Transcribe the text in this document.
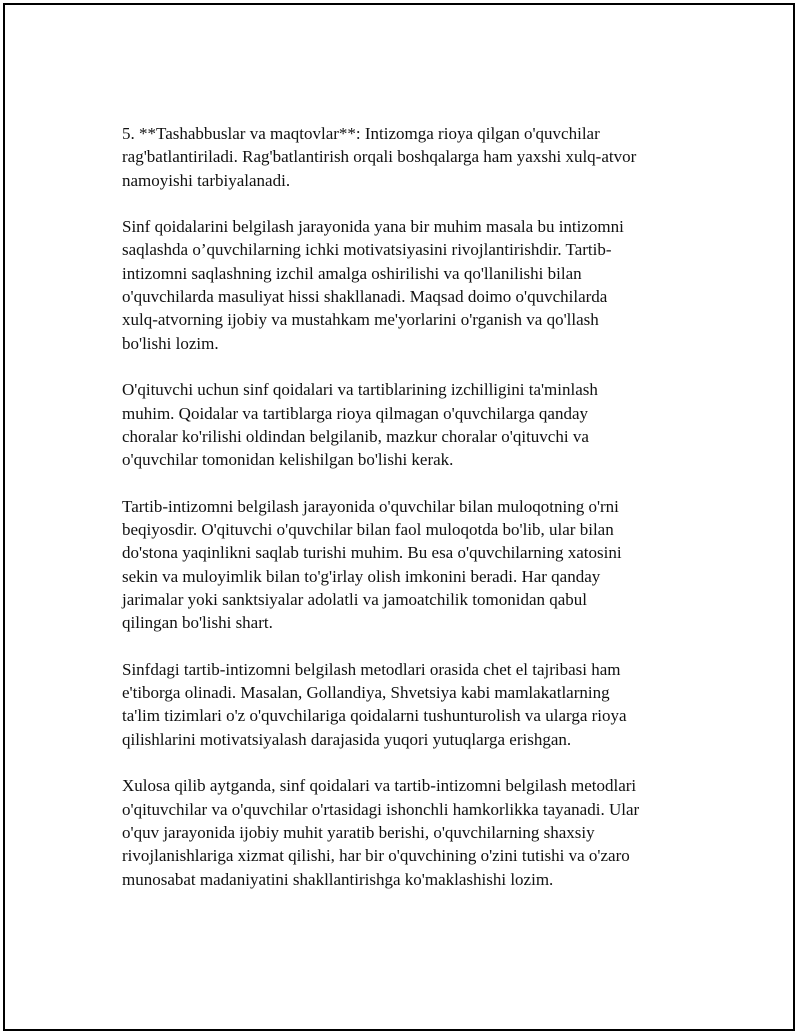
5. **Tashabbuslar va maqtovlar**: Intizomga rioya qilgan o'quvchilar
rag'batlantiriladi. Rag'batlantirish orqali boshqalarga ham yaxshi xulq-atvor
namoyishi tarbiyalanadi.

Sinf qoidalarini belgilash jarayonida yana bir muhim masala bu intizomni
saqlashda o’quvchilarning ichki motivatsiyasini rivojlantirishdir. Tartib-
intizomni saqlashning izchil amalga oshirilishi va qo'llanilishi bilan
o'quvchilarda masuliyat hissi shakllanadi. Maqsad doimo o'quvchilarda
xulq-atvorning ijobiy va mustahkam me'yorlarini o'rganish va qo'llash
bo'lishi lozim.

O'qituvchi uchun sinf qoidalari va tartiblarining izchilligini ta'minlash
muhim. Qoidalar va tartiblarga rioya qilmagan o'quvchilarga qanday
choralar ko'rilishi oldindan belgilanib, mazkur choralar o'qituvchi va
o'quvchilar tomonidan kelishilgan bo'lishi kerak.

Tartib-intizomni belgilash jarayonida o'quvchilar bilan muloqotning o'rni
beqiyosdir. O'qituvchi o'quvchilar bilan faol muloqotda bo'lib, ular bilan
do'stona yaqinlikni saqlab turishi muhim. Bu esa o'quvchilarning xatosini
sekin va muloyimlik bilan to'g'irlay olish imkonini beradi. Har qanday
jarimalar yoki sanktsiyalar adolatli va jamoatchilik tomonidan qabul
qilingan bo'lishi shart.

Sinfdagi tartib-intizomni belgilash metodlari orasida chet el tajribasi ham
e'tiborga olinadi. Masalan, Gollandiya, Shvetsiya kabi mamlakatlarning
ta'lim tizimlari o'z o'quvchilariga qoidalarni tushunturolish va ularga rioya
qilishlarini motivatsiyalash darajasida yuqori yutuqlarga erishgan.

Xulosa qilib aytganda, sinf qoidalari va tartib-intizomni belgilash metodlari
o'qituvchilar va o'quvchilar o'rtasidagi ishonchli hamkorlikka tayanadi. Ular
o'quv jarayonida ijobiy muhit yaratib berishi, o'quvchilarning shaxsiy
rivojlanishlariga xizmat qilishi, har bir o'quvchining o'zini tutishi va o'zaro
munosabat madaniyatini shakllantirishga ko'maklashishi lozim.
